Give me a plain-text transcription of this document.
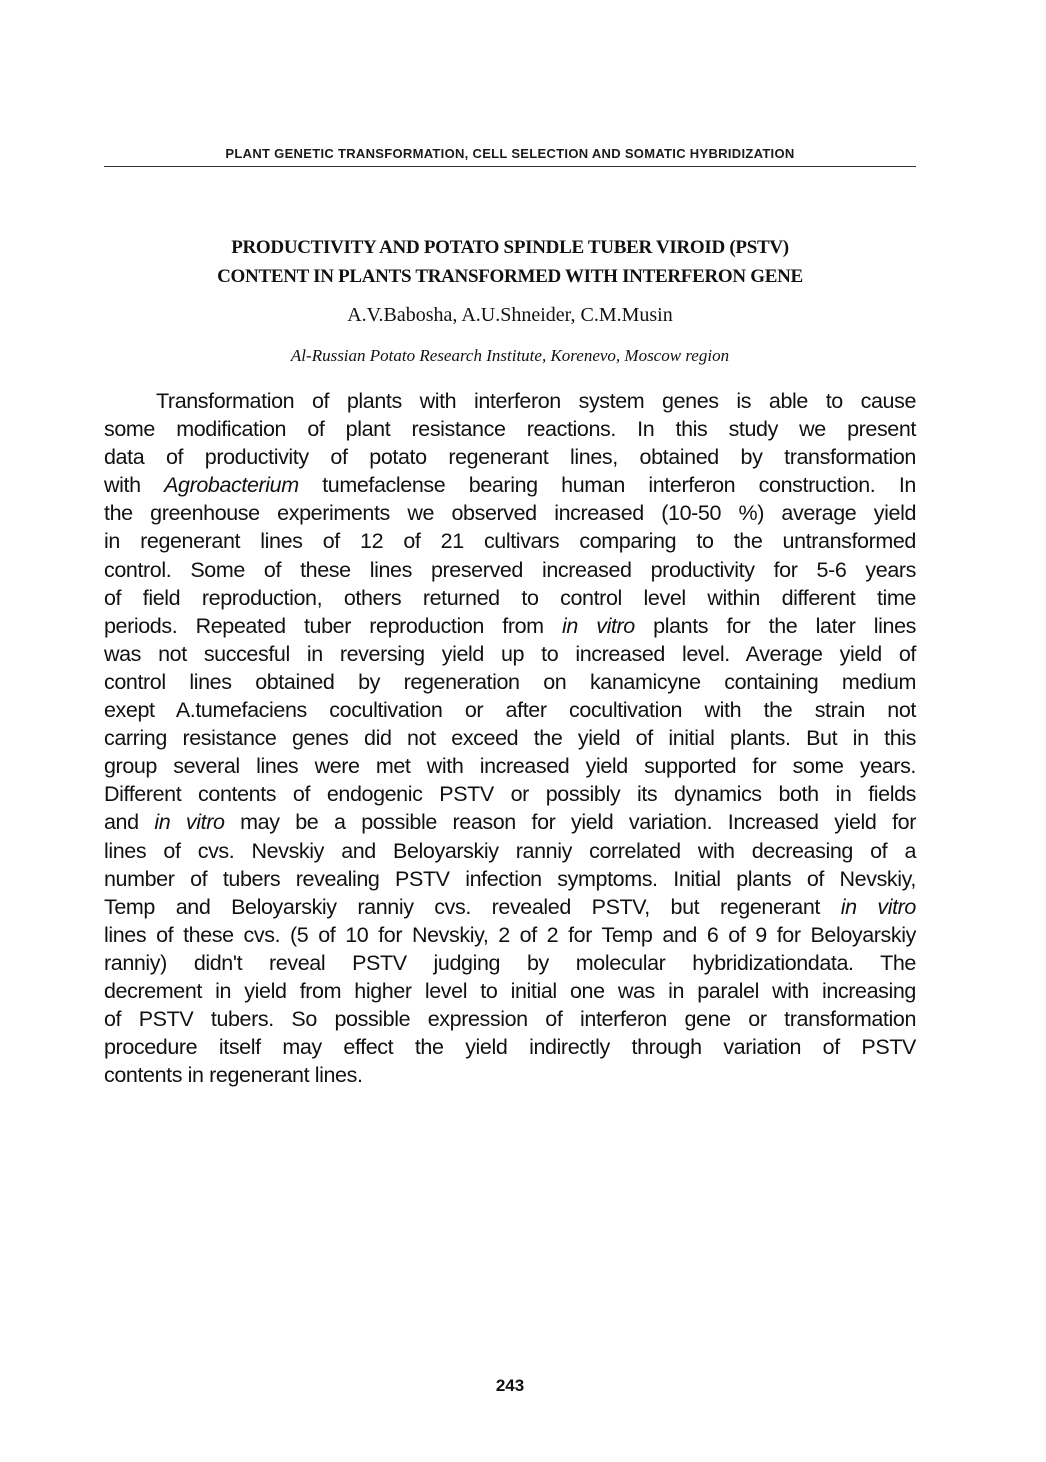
PLANT GENETIC TRANSFORMATION, CELL SELECTION AND SOMATIC HYBRIDIZATION
PRODUCTIVITY AND POTATO SPINDLE TUBER VIROID (PSTV)
CONTENT IN PLANTS TRANSFORMED WITH INTERFERON GENE
A.V.Babosha, A.U.Shneider, C.M.Musin
Al-Russian Potato Research Institute, Korenevo, Moscow region
Transformation of plants with interferon system genes is able to cause
some modification of plant resistance reactions. In this study we present
data of productivity of potato regenerant lines, obtained by transformation
with Agrobacterium tumefaclense bearing human interferon construction. In
the greenhouse experiments we observed increased (10-50 %) average yield
in regenerant lines of 12 of 21 cultivars comparing to the untransformed
control. Some of these lines preserved increased productivity for 5-6 years
of field reproduction, others returned to control level within different time
periods. Repeated tuber reproduction from in vitro plants for the later lines
was not succesful in reversing yield up to increased level. Average yield of
control lines obtained by regeneration on kanamicyne containing medium
exept A.tumefaciens cocultivation or after cocultivation with the strain not
carring resistance genes did not exceed the yield of initial plants. But in this
group several lines were met with increased yield supported for some years.
Different contents of endogenic PSTV or possibly its dynamics both in fields
and in vitro may be a possible reason for yield variation. Increased yield for
lines of cvs. Nevskiy and Beloyarskiy ranniy correlated with decreasing of a
number of tubers revealing PSTV infection symptoms. Initial plants of Nevskiy,
Temp and Beloyarskiy ranniy cvs. revealed PSTV, but regenerant in vitro
lines of these cvs. (5 of 10 for Nevskiy, 2 of 2 for Temp and 6 of 9 for Beloyarskiy
ranniy) didn't reveal PSTV judging by molecular hybridizationdata. The
decrement in yield from higher level to initial one was in paralel with increasing
of PSTV tubers. So possible expression of interferon gene or transformation
procedure itself may effect the yield indirectly through variation of PSTV
contents in regenerant lines.
243
